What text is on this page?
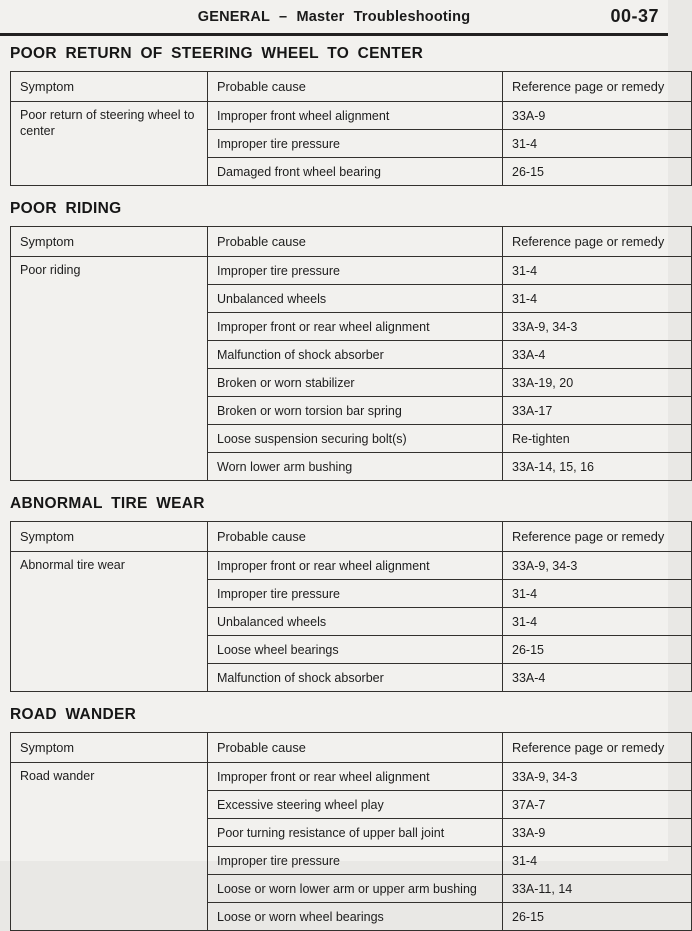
GENERAL – Master Troubleshooting	00-37
POOR RETURN OF STEERING WHEEL TO CENTER
Symptom	Probable cause	Reference page or remedy
Poor return of steering wheel to center	Improper front wheel alignment	33A-9
	Improper tire pressure	31-4
	Damaged front wheel bearing	26-15
POOR RIDING
Symptom	Probable cause	Reference page or remedy
Poor riding	Improper tire pressure	31-4
	Unbalanced wheels	31-4
	Improper front or rear wheel alignment	33A-9, 34-3
	Malfunction of shock absorber	33A-4
	Broken or worn stabilizer	33A-19, 20
	Broken or worn torsion bar spring	33A-17
	Loose suspension securing bolt(s)	Re-tighten
	Worn lower arm bushing	33A-14, 15, 16
ABNORMAL TIRE WEAR
Symptom	Probable cause	Reference page or remedy
Abnormal tire wear	Improper front or rear wheel alignment	33A-9, 34-3
	Improper tire pressure	31-4
	Unbalanced wheels	31-4
	Loose wheel bearings	26-15
	Malfunction of shock absorber	33A-4
ROAD WANDER
Symptom	Probable cause	Reference page or remedy
Road wander	Improper front or rear wheel alignment	33A-9, 34-3
	Excessive steering wheel play	37A-7
	Poor turning resistance of upper ball joint	33A-9
	Improper tire pressure	31-4
	Loose or worn lower arm or upper arm bushing	33A-11, 14
	Loose or worn wheel bearings	26-15
